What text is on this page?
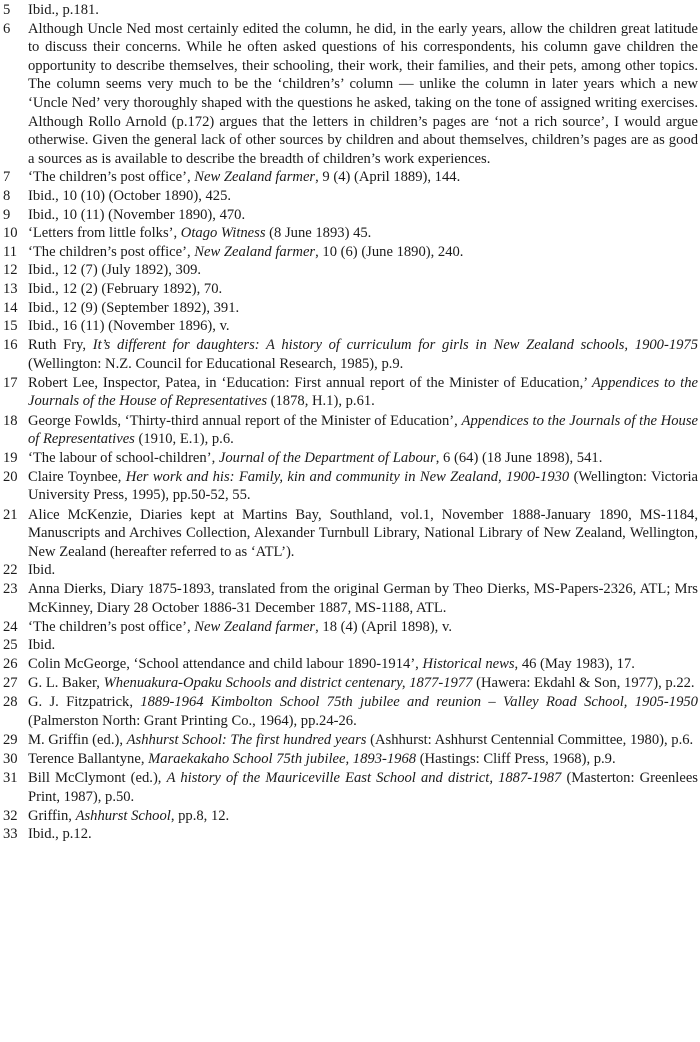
5	Ibid., p.181.
6	Although Uncle Ned most certainly edited the column, he did, in the early years, allow the children great latitude to discuss their concerns. While he often asked questions of his correspondents, his column gave children the opportunity to describe themselves, their schooling, their work, their families, and their pets, among other topics. The column seems very much to be the ‘children’s’ column — unlike the column in later years which a new ‘Uncle Ned’ very thoroughly shaped with the questions he asked, taking on the tone of assigned writing exercises. Although Rollo Arnold (p.172) argues that the letters in children’s pages are ‘not a rich source’, I would argue otherwise. Given the general lack of other sources by children and about themselves, children’s pages are as good a sources as is available to describe the breadth of children’s work experiences.
7	‘The children’s post office’, New Zealand farmer, 9 (4) (April 1889), 144.
8	Ibid., 10 (10) (October 1890), 425.
9	Ibid., 10 (11) (November 1890), 470.
10 ‘Letters from little folks’, Otago Witness (8 June 1893) 45.
11 ‘The children’s post office’, New Zealand farmer, 10 (6) (June 1890), 240.
12 Ibid., 12 (7) (July 1892), 309.
13 Ibid., 12 (2) (February 1892), 70.
14 Ibid., 12 (9) (September 1892), 391.
15 Ibid., 16 (11) (November 1896), v.
16 Ruth Fry, It’s different for daughters: A history of curriculum for girls in New Zealand schools, 1900-1975 (Wellington: N.Z. Council for Educational Research, 1985), p.9.
17 Robert Lee, Inspector, Patea, in ‘Education: First annual report of the Minister of Education,’ Appendices to the Journals of the House of Representatives (1878, H.1), p.61.
18 George Fowlds, ‘Thirty-third annual report of the Minister of Education’, Appendices to the Journals of the House of Representatives (1910, E.1), p.6.
19 ‘The labour of school-children’, Journal of the Department of Labour, 6 (64) (18 June 1898), 541.
20 Claire Toynbee, Her work and his: Family, kin and community in New Zealand, 1900-1930 (Wellington: Victoria University Press, 1995), pp.50-52, 55.
21 Alice McKenzie, Diaries kept at Martins Bay, Southland, vol.1, November 1888-January 1890, MS-1184, Manuscripts and Archives Collection, Alexander Turnbull Library, National Library of New Zealand, Wellington, New Zealand (hereafter referred to as ‘ATL’).
22 Ibid.
23 Anna Dierks, Diary 1875-1893, translated from the original German by Theo Dierks, MS-Papers-2326, ATL; Mrs McKinney, Diary 28 October 1886-31 December 1887, MS-1188, ATL.
24 ‘The children’s post office’, New Zealand farmer, 18 (4) (April 1898), v.
25 Ibid.
26 Colin McGeorge, ‘School attendance and child labour 1890-1914’, Historical news, 46 (May 1983), 17.
27 G. L. Baker, Whenuakura-Opaku Schools and district centenary, 1877-1977 (Hawera: Ekdahl & Son, 1977), p.22.
28 G. J. Fitzpatrick, 1889-1964 Kimbolton School 75th jubilee and reunion – Valley Road School, 1905-1950 (Palmerston North: Grant Printing Co., 1964), pp.24-26.
29 M. Griffin (ed.), Ashhurst School: The first hundred years (Ashhurst: Ashhurst Centennial Committee, 1980), p.6.
30 Terence Ballantyne, Maraekakaho School 75th jubilee, 1893-1968 (Hastings: Cliff Press, 1968), p.9.
31 Bill McClymont (ed.), A history of the Mauriceville East School and district, 1887-1987 (Masterton: Greenlees Print, 1987), p.50.
32 Griffin, Ashhurst School, pp.8, 12.
33 Ibid., p.12.
